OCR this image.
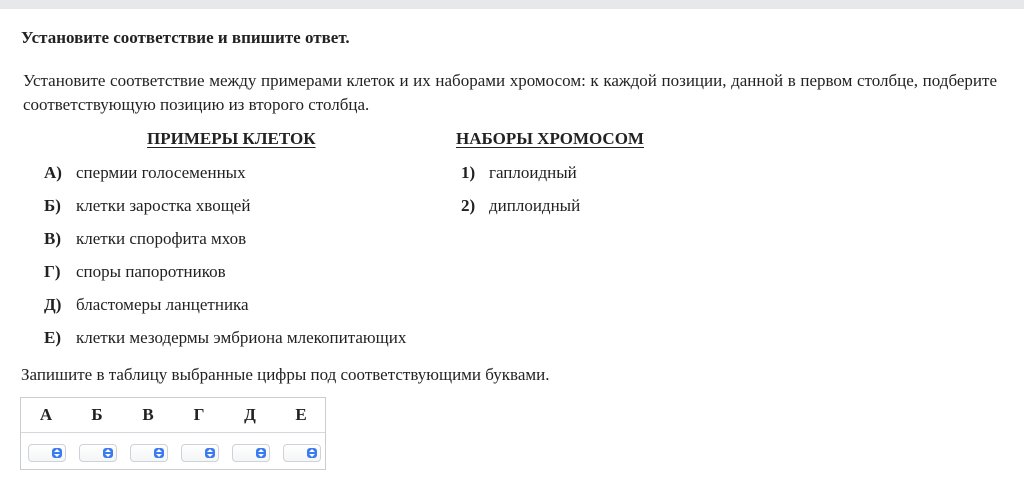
Установите соответствие и впишите ответ.
Установите соответствие между примерами клеток и их наборами хромосом: к каждой позиции, данной в первом столбце, подберите соответствующую позицию из второго столбца.
ПРИМЕРЫ КЛЕТОК	НАБОРЫ ХРОМОСОМ
А) спермии голосеменных
Б) клетки заростка хвощей
В) клетки спорофита мхов
Г) споры папоротников
Д) бластомеры ланцетника
Е) клетки мезодермы эмбриона млекопитающих
1) гаплоидный
2) диплоидный
Запишите в таблицу выбранные цифры под соответствующими буквами.
А	Б	В	Г	Д	Е
